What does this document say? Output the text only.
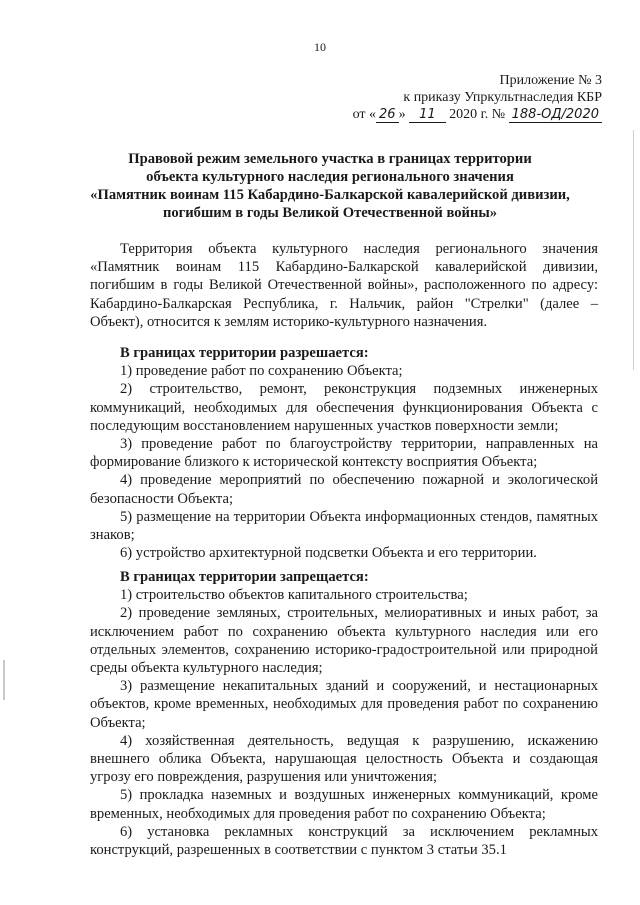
10
Приложение № 3
к приказу Упркультнаследия КБР
от « 26 » 11 2020 г. № 188-ОД/2020
Правовой режим земельного участка в границах территории
объекта культурного наследия регионального значения
«Памятник воинам 115 Кабардино-Балкарской кавалерийской дивизии,
погибшим в годы Великой Отечественной войны»

Территория объекта культурного наследия регионального значения «Памятник воинам 115 Кабардино-Балкарской кавалерийской дивизии, погибшим в годы Великой Отечественной войны», расположенного по адресу: Кабардино-Балкарская Республика, г. Нальчик, район "Стрелки" (далее – Объект), относится к землям историко-культурного назначения.

В границах территории разрешается:

1) проведение работ по сохранению Объекта;

2) строительство, ремонт, реконструкция подземных инженерных коммуникаций, необходимых для обеспечения функционирования Объекта с последующим восстановлением нарушенных участков поверхности земли;

3) проведение работ по благоустройству территории, направленных на формирование близкого к исторической контексту восприятия Объекта;

4) проведение мероприятий по обеспечению пожарной и экологической безопасности Объекта;

5) размещение на территории Объекта информационных стендов, памятных знаков;

6) устройство архитектурной подсветки Объекта и его территории.

В границах территории запрещается:

1) строительство объектов капитального строительства;

2) проведение земляных, строительных, мелиоративных и иных работ, за исключением работ по сохранению объекта культурного наследия или его отдельных элементов, сохранению историко-градостроительной или природной среды объекта культурного наследия;

3) размещение некапитальных зданий и сооружений, и нестационарных объектов, кроме временных, необходимых для проведения работ по сохранению Объекта;

4) хозяйственная деятельность, ведущая к разрушению, искажению внешнего облика Объекта, нарушающая целостность Объекта и создающая угрозу его повреждения, разрушения или уничтожения;

5) прокладка наземных и воздушных инженерных коммуникаций, кроме временных, необходимых для проведения работ по сохранению Объекта;

6) установка рекламных конструкций за исключением рекламных конструкций, разрешенных в соответствии с пунктом 3 статьи 35.1
